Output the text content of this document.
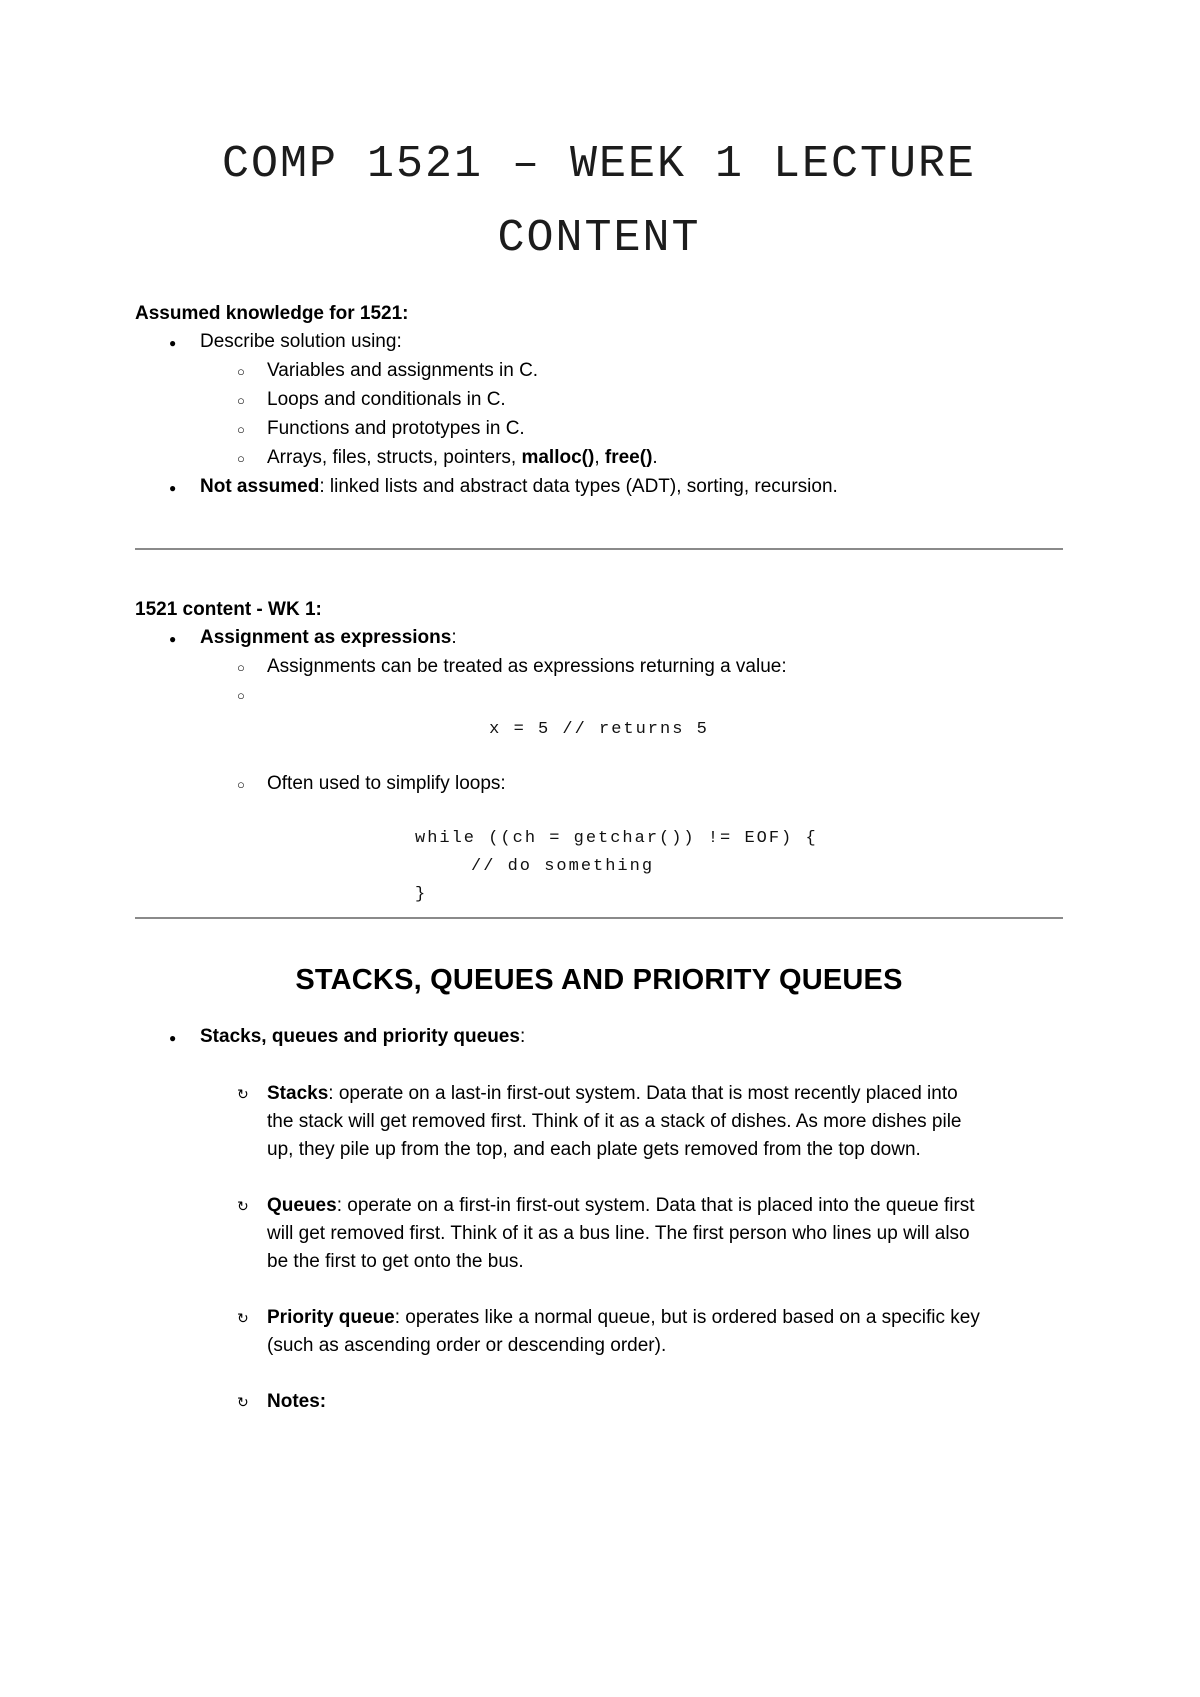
COMP 1521 – WEEK 1 LECTURE
CONTENT

Assumed knowledge for 1521:

●	Describe solution using:
○	Variables and assignments in C.
○	Loops and conditionals in C.
○	Functions and prototypes in C.
○	Arrays, files, structs, pointers, malloc(), free().
●	Not assumed: linked lists and abstract data types (ADT), sorting, recursion.

1521 content - WK 1:

●	Assignment as expressions:
○	Assignments can be treated as expressions returning a value:
○
x = 5 // returns 5
○	Often used to simplify loops:
while ((ch = getchar()) != EOF) {
// do something
}
STACKS, QUEUES AND PRIORITY QUEUES
●	Stacks, queues and priority queues:
↻ Stacks: operate on a last-in first-out system. Data that is most recently placed into the stack will get removed first. Think of it as a stack of dishes. As more dishes pile up, they pile up from the top, and each plate gets removed from the top down.
↻ Queues: operate on a first-in first-out system. Data that is placed into the queue first will get removed first. Think of it as a bus line. The first person who lines up will also be the first to get onto the bus.
↻ Priority queue: operates like a normal queue, but is ordered based on a specific key (such as ascending order or descending order).
↻ Notes:
